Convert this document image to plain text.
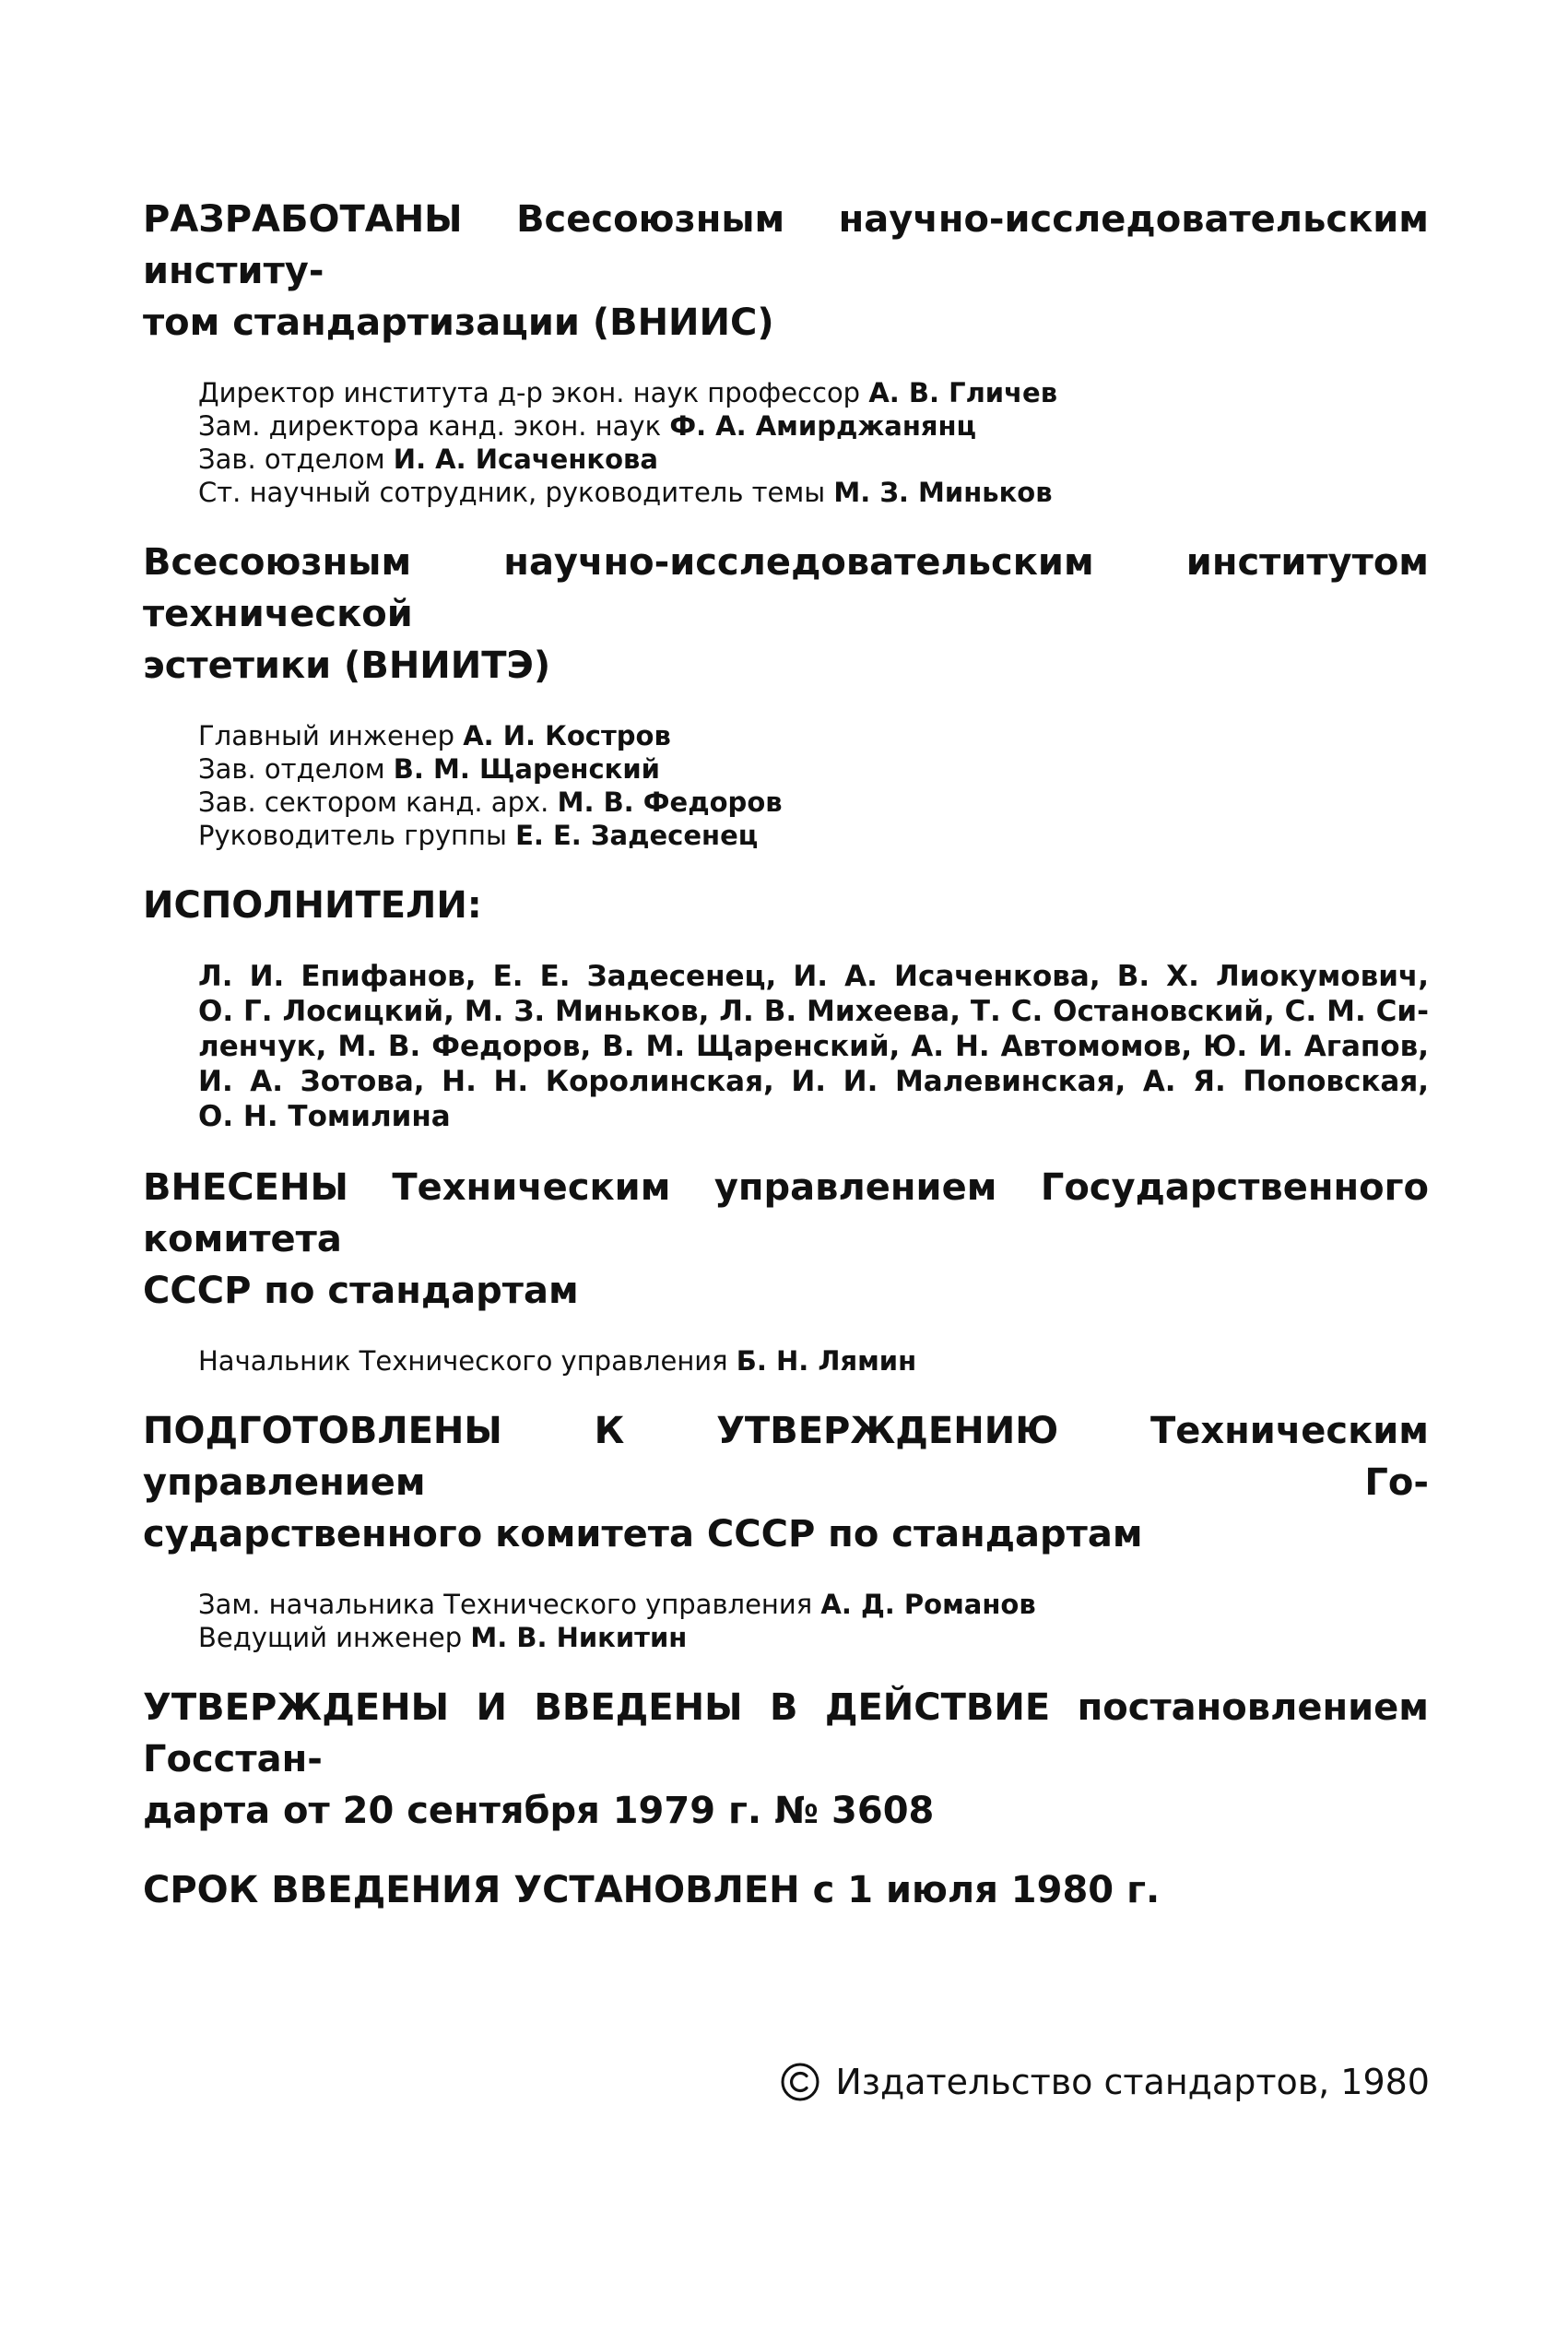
РАЗРАБОТАНЫ Всесоюзным научно-исследовательским институ-
том стандартизации (ВНИИС)
Директор института д-р экон. наук профессор А. В. Гличев
Зам. директора канд. экон. наук Ф. А. Амирджанянц
Зав. отделом И. А. Исаченкова
Ст. научный сотрудник, руководитель темы М. З. Миньков
Всесоюзным научно-исследовательским институтом технической
эстетики (ВНИИТЭ)
Главный инженер А. И. Костров
Зав. отделом В. М. Щаренский
Зав. сектором канд. арх. М. В. Федоров
Руководитель группы Е. Е. Задесенец
ИСПОЛНИТЕЛИ:
Л. И. Епифанов, Е. Е. Задесенец, И. А. Исаченкова, В. Х. Лиокумович,
О. Г. Лосицкий, М. З. Миньков, Л. В. Михеева, Т. С. Остановский, С. М. Си-
ленчук, М. В. Федоров, В. М. Щаренский, А. Н. Автомомов, Ю. И. Агапов,
И. А. Зотова, Н. Н. Королинская, И. И. Малевинская, А. Я. Поповская,
О. Н. Томилина
ВНЕСЕНЫ Техническим управлением Государственного комитета
СССР по стандартам
Начальник Технического управления Б. Н. Лямин
ПОДГОТОВЛЕНЫ К УТВЕРЖДЕНИЮ Техническим управлением Го-
сударственного комитета СССР по стандартам
Зам. начальника Технического управления А. Д. Романов
Ведущий инженер М. В. Никитин
УТВЕРЖДЕНЫ И ВВЕДЕНЫ В ДЕЙСТВИЕ постановлением Госстан-
дарта от 20 сентября 1979 г. № 3608
СРОК ВВЕДЕНИЯ УСТАНОВЛЕН с 1 июля 1980 г.
Издательство стандартов, 1980
